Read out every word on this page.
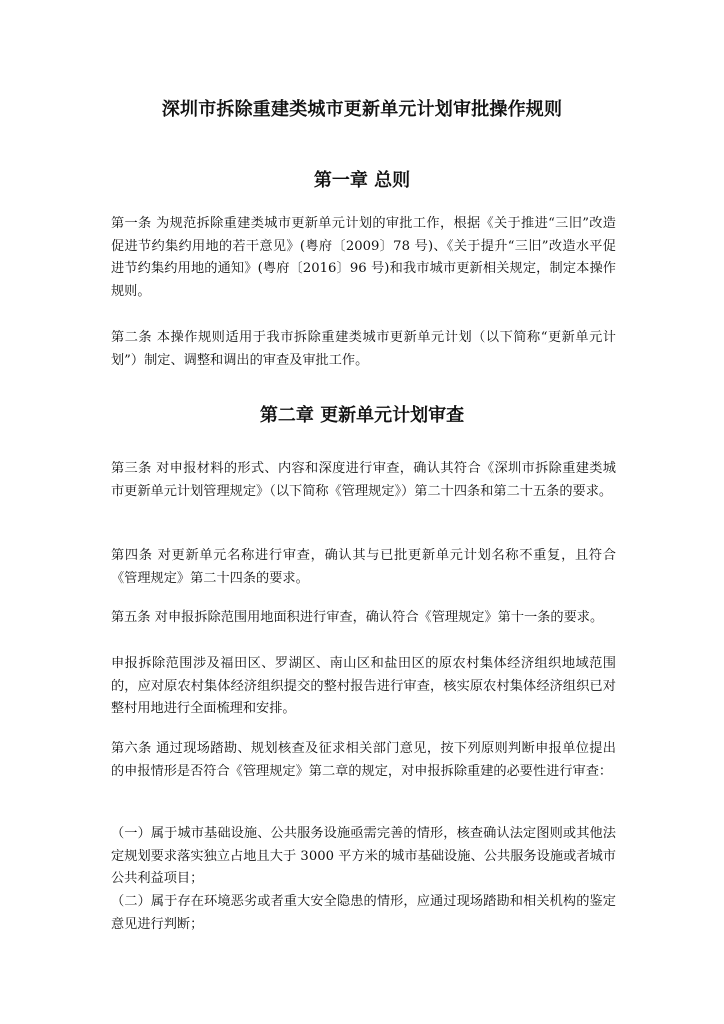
深圳市拆除重建类城市更新单元计划审批操作规则
第一章 总则

第一条 为规范拆除重建类城市更新单元计划的审批工作，根据《关于推进“三旧”改造促进节约集约用地的若干意见》(粤府〔2009〕78 号)、《关于提升“三旧”改造水平促进节约集约用地的通知》(粤府〔2016〕96 号)和我市城市更新相关规定，制定本操作规则。

第二条 本操作规则适用于我市拆除重建类城市更新单元计划（以下简称“更新单元计划”）制定、调整和调出的审查及审批工作。

第二章 更新单元计划审查

第三条 对申报材料的形式、内容和深度进行审查，确认其符合《深圳市拆除重建类城市更新单元计划管理规定》（以下简称《管理规定》）第二十四条和第二十五条的要求。

第四条 对更新单元名称进行审查，确认其与已批更新单元计划名称不重复，且符合《管理规定》第二十四条的要求。

第五条 对申报拆除范围用地面积进行审查，确认符合《管理规定》第十一条的要求。

申报拆除范围涉及福田区、罗湖区、南山区和盐田区的原农村集体经济组织地域范围的，应对原农村集体经济组织提交的整村报告进行审查，核实原农村集体经济组织已对整村用地进行全面梳理和安排。

第六条 通过现场踏勘、规划核查及征求相关部门意见，按下列原则判断申报单位提出的申报情形是否符合《管理规定》第二章的规定，对申报拆除重建的必要性进行审查：

（一）属于城市基础设施、公共服务设施亟需完善的情形，核查确认法定图则或其他法定规划要求落实独立占地且大于 3000 平方米的城市基础设施、公共服务设施或者城市公共利益项目；

（二）属于存在环境恶劣或者重大安全隐患的情形，应通过现场踏勘和相关机构的鉴定意见进行判断；
